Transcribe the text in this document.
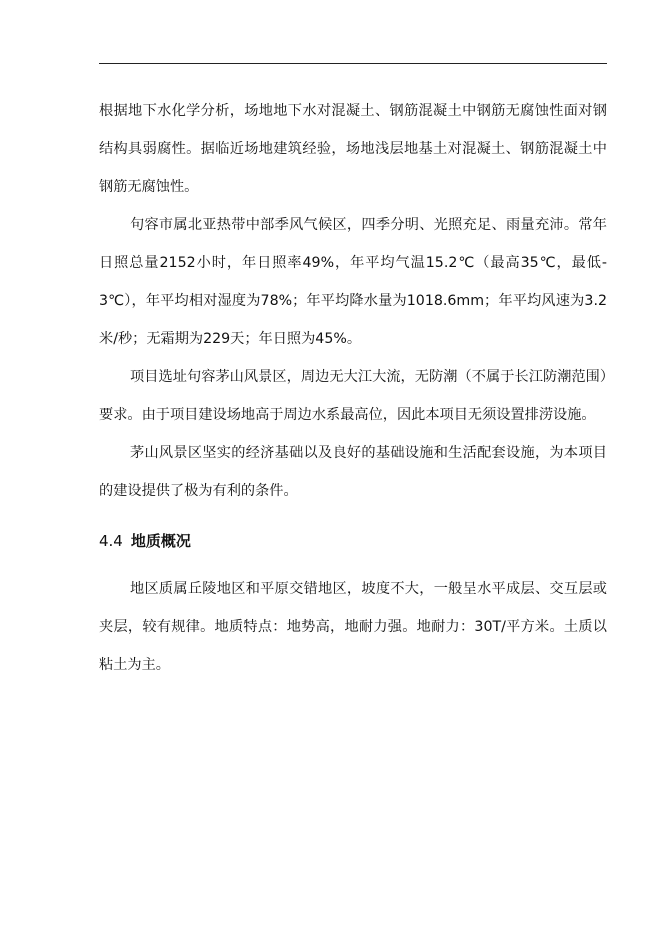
根据地下水化学分析，场地地下水对混凝土、钢筋混凝土中钢筋无腐蚀性面对钢结构具弱腐性。据临近场地建筑经验，场地浅层地基土对混凝土、钢筋混凝土中钢筋无腐蚀性。

句容市属北亚热带中部季风气候区，四季分明、光照充足、雨量充沛。常年日照总量2152小时，年日照率49%，年平均气温15.2℃（最高35℃，最低-3℃），年平均相对湿度为78%；年平均降水量为1018.6mm；年平均风速为3.2米/秒；无霜期为229天；年日照为45%。

项目选址句容茅山风景区，周边无大江大流，无防潮（不属于长江防潮范围）要求。由于项目建设场地高于周边水系最高位，因此本项目无须设置排涝设施。

茅山风景区坚实的经济基础以及良好的基础设施和生活配套设施，为本项目的建设提供了极为有利的条件。

4.4 地质概况

地区质属丘陵地区和平原交错地区，坡度不大，一般呈水平成层、交互层或夹层，较有规律。地质特点：地势高，地耐力强。地耐力：30T/平方米。土质以粘土为主。
